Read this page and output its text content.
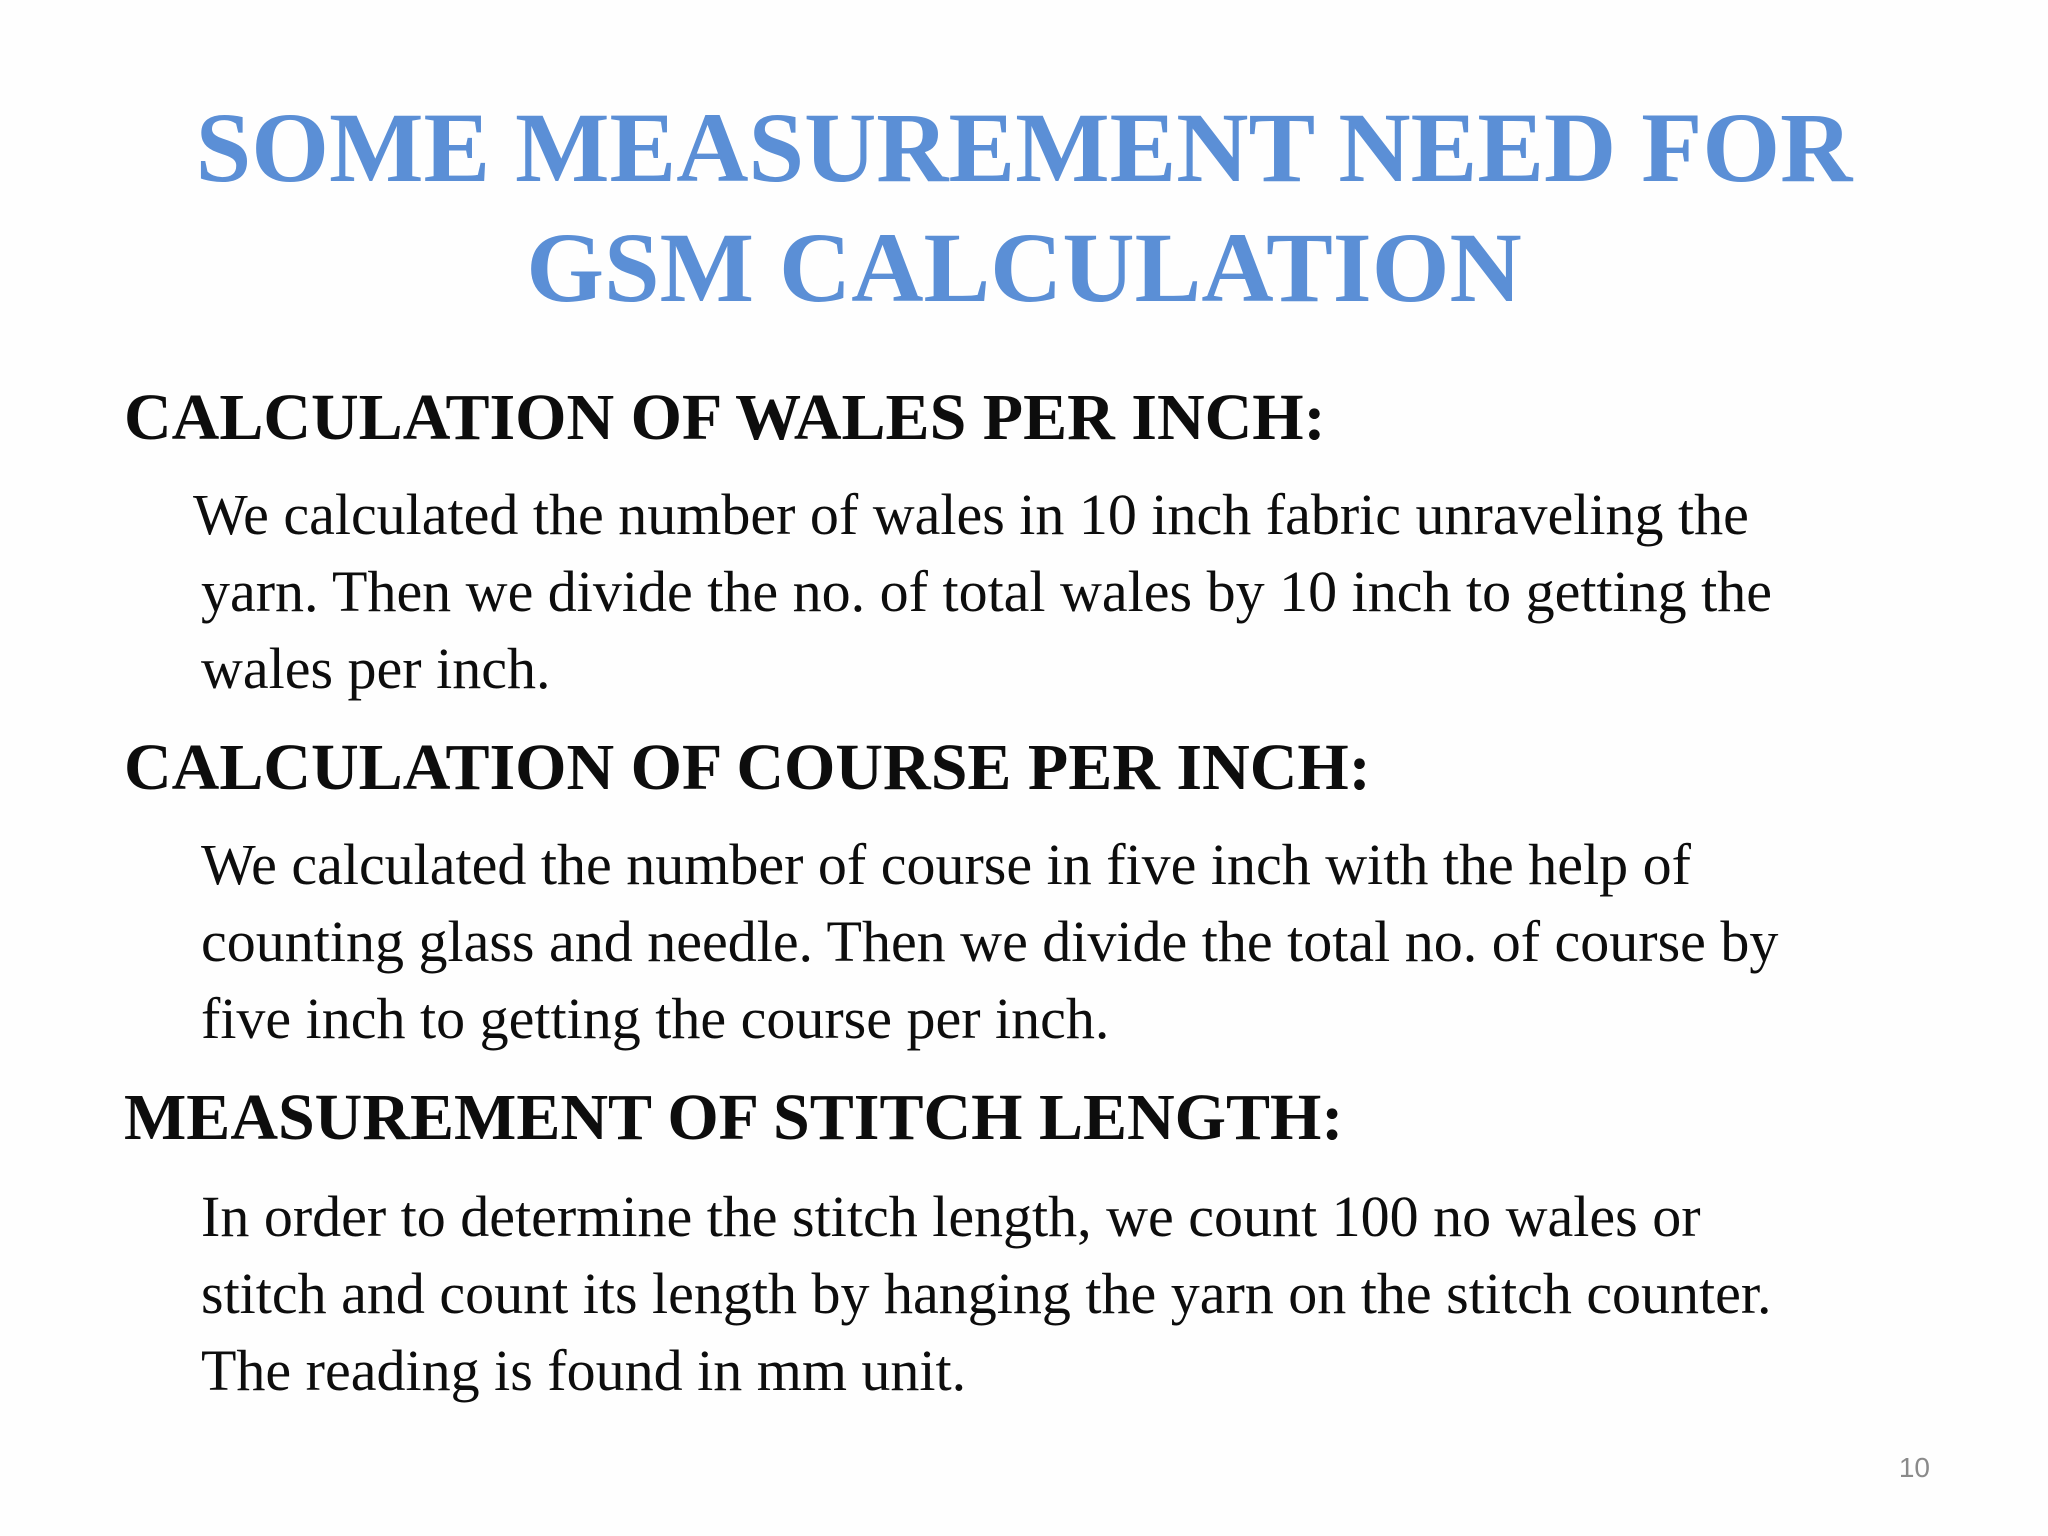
SOME MEASUREMENT NEED FOR
GSM CALCULATION
CALCULATION OF WALES PER INCH:

We calculated the number of wales in 10 inch fabric unraveling the
yarn. Then we divide the no. of total wales by 10 inch to getting the
wales per inch.

CALCULATION OF COURSE PER INCH:

We calculated the number of course in five inch with the help of
counting glass and needle. Then we divide the total no. of course by
five inch to getting the course per inch.

MEASUREMENT OF STITCH LENGTH:

In order to determine the stitch length, we count 100 no wales or
stitch and count its length by hanging the yarn on the stitch counter.
The reading is found in mm unit.

10
